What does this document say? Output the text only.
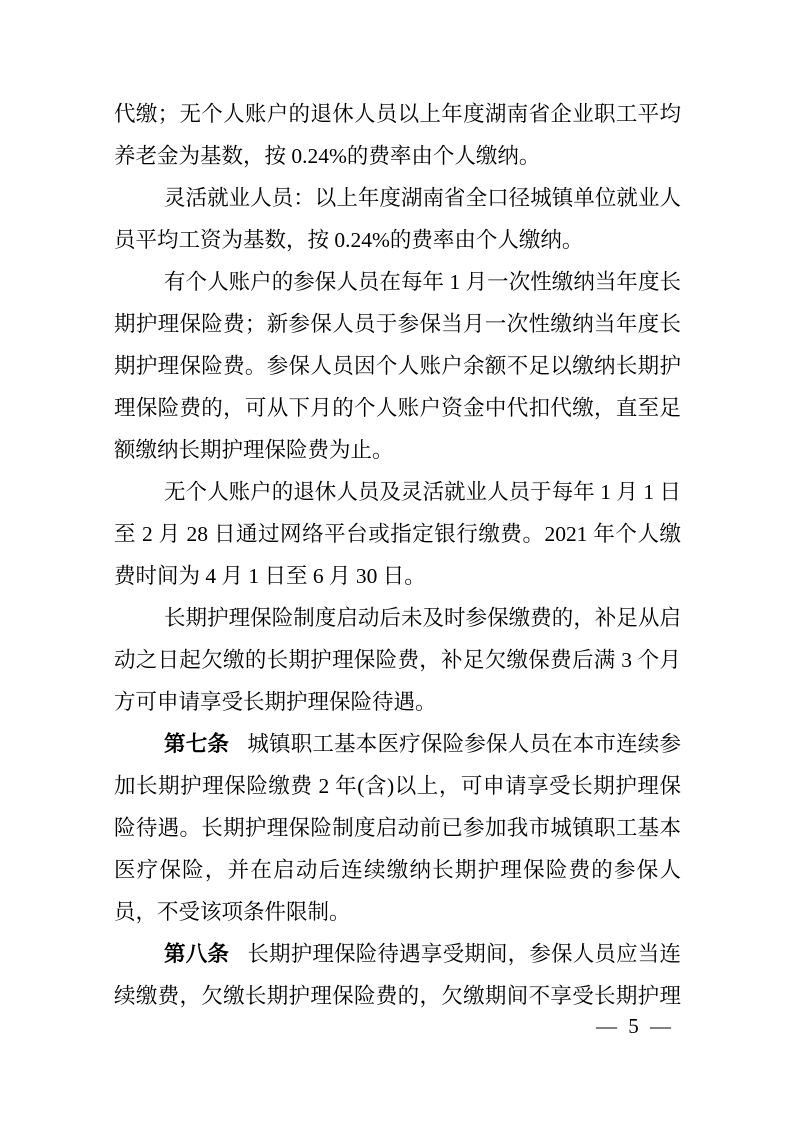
代缴；无个人账户的退休人员以上年度湖南省企业职工平均
养老金为基数，按 0.24%的费率由个人缴纳。
灵活就业人员：以上年度湖南省全口径城镇单位就业人
员平均工资为基数，按 0.24%的费率由个人缴纳。
有个人账户的参保人员在每年 1 月一次性缴纳当年度长
期护理保险费；新参保人员于参保当月一次性缴纳当年度长
期护理保险费。参保人员因个人账户余额不足以缴纳长期护
理保险费的，可从下月的个人账户资金中代扣代缴，直至足
额缴纳长期护理保险费为止。
无个人账户的退休人员及灵活就业人员于每年 1 月 1 日
至 2 月 28 日通过网络平台或指定银行缴费。2021 年个人缴
费时间为 4 月 1 日至 6 月 30 日。
长期护理保险制度启动后未及时参保缴费的，补足从启
动之日起欠缴的长期护理保险费，补足欠缴保费后满 3 个月
方可申请享受长期护理保险待遇。
第七条 城镇职工基本医疗保险参保人员在本市连续参
加长期护理保险缴费 2 年(含)以上，可申请享受长期护理保
险待遇。长期护理保险制度启动前已参加我市城镇职工基本
医疗保险，并在启动后连续缴纳长期护理保险费的参保人
员，不受该项条件限制。
第八条 长期护理保险待遇享受期间，参保人员应当连
续缴费，欠缴长期护理保险费的，欠缴期间不享受长期护理
— 5 —
